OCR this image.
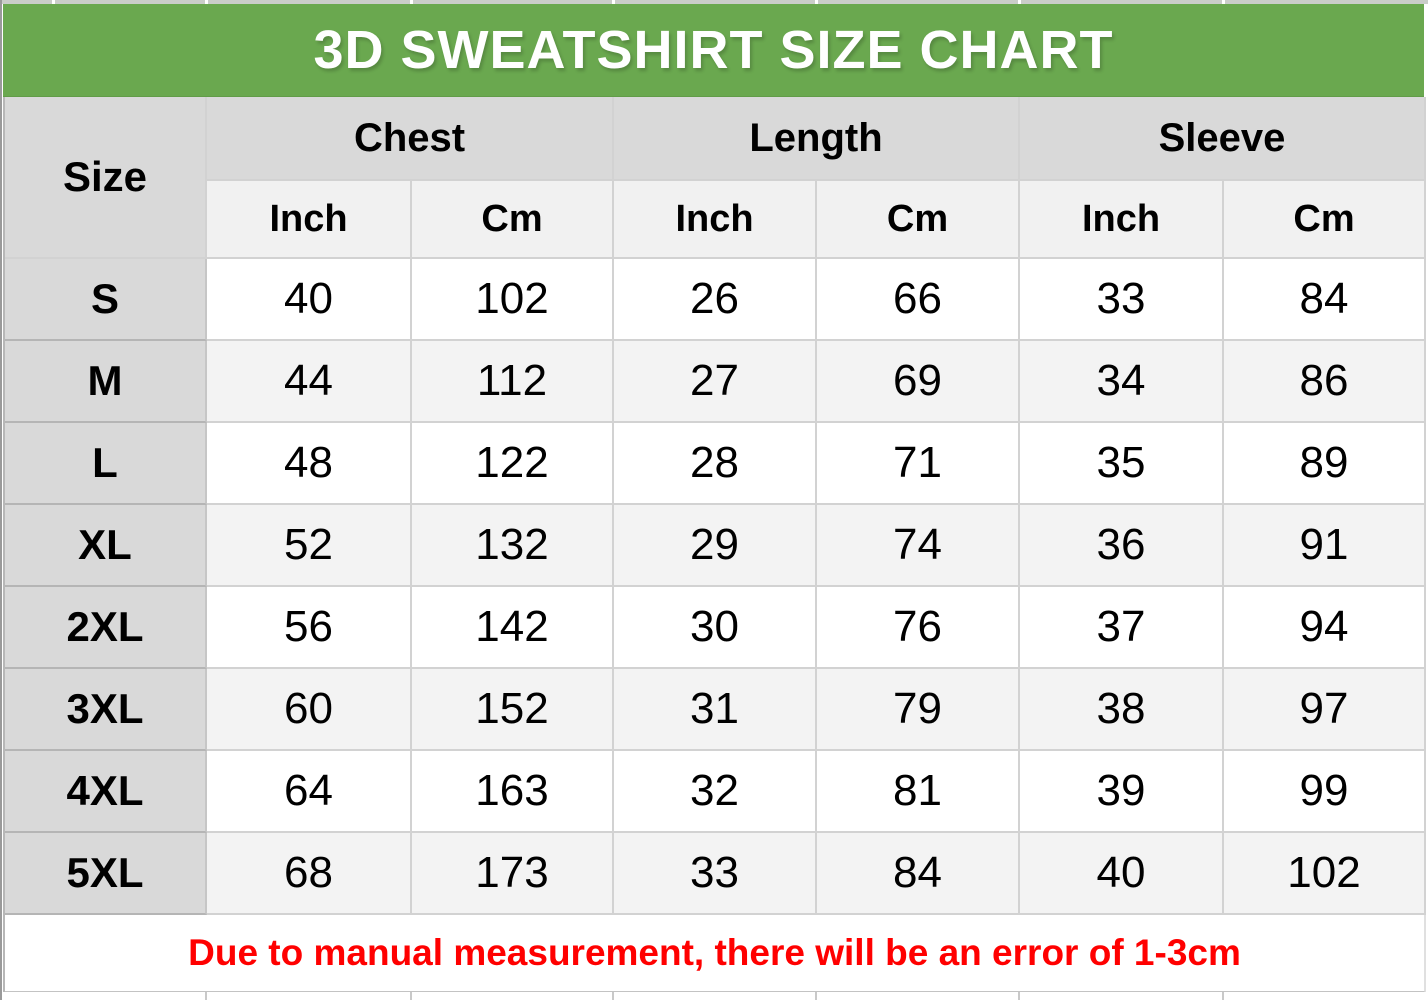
3D SWEATSHIRT SIZE CHART
Size	Chest		Length		Sleeve	
	Inch	Cm	Inch	Cm	Inch	Cm
S	40	102	26	66	33	84
M	44	112	27	69	34	86
L	48	122	28	71	35	89
XL	52	132	29	74	36	91
2XL	56	142	30	76	37	94
3XL	60	152	31	79	38	97
4XL	64	163	32	81	39	99
5XL	68	173	33	84	40	102
Due to manual measurement, there will be an error of 1-3cm						
